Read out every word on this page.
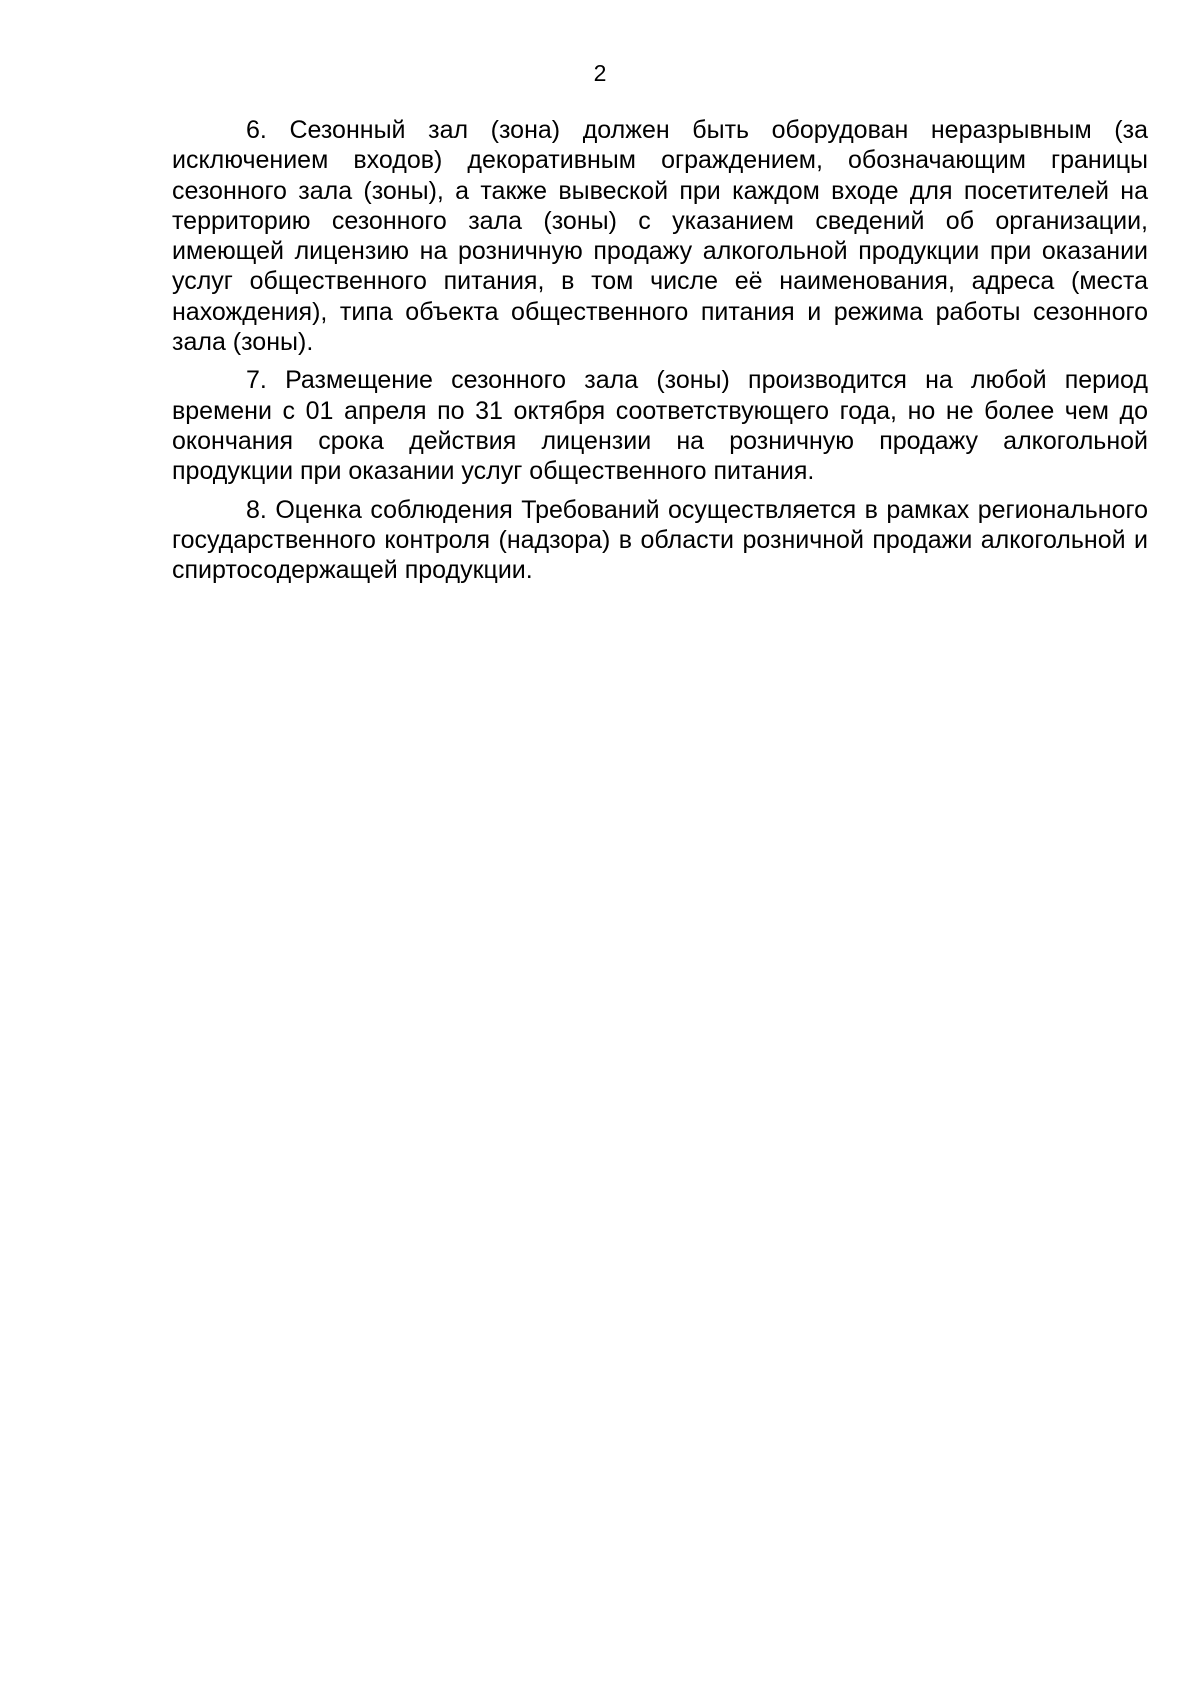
2

6. Сезонный зал (зона) должен быть оборудован неразрывным (за исключением входов) декоративным ограждением, обозначающим границы сезонного зала (зоны), а также вывеской при каждом входе для посетителей на территорию сезонного зала (зоны) с указанием сведений об организации, имеющей лицензию на розничную продажу алкогольной продукции при оказании услуг общественного питания, в том числе её наименования, адреса (места нахождения), типа объекта общественного питания и режима работы сезонного зала (зоны).

7. Размещение сезонного зала (зоны) производится на любой период времени с 01 апреля по 31 октября соответствующего года, но не более чем до окончания срока действия лицензии на розничную продажу алкогольной продукции при оказании услуг общественного питания.

8. Оценка соблюдения Требований осуществляется в рамках регионального государственного контроля (надзора) в области розничной продажи алкогольной и спиртосодержащей продукции.
